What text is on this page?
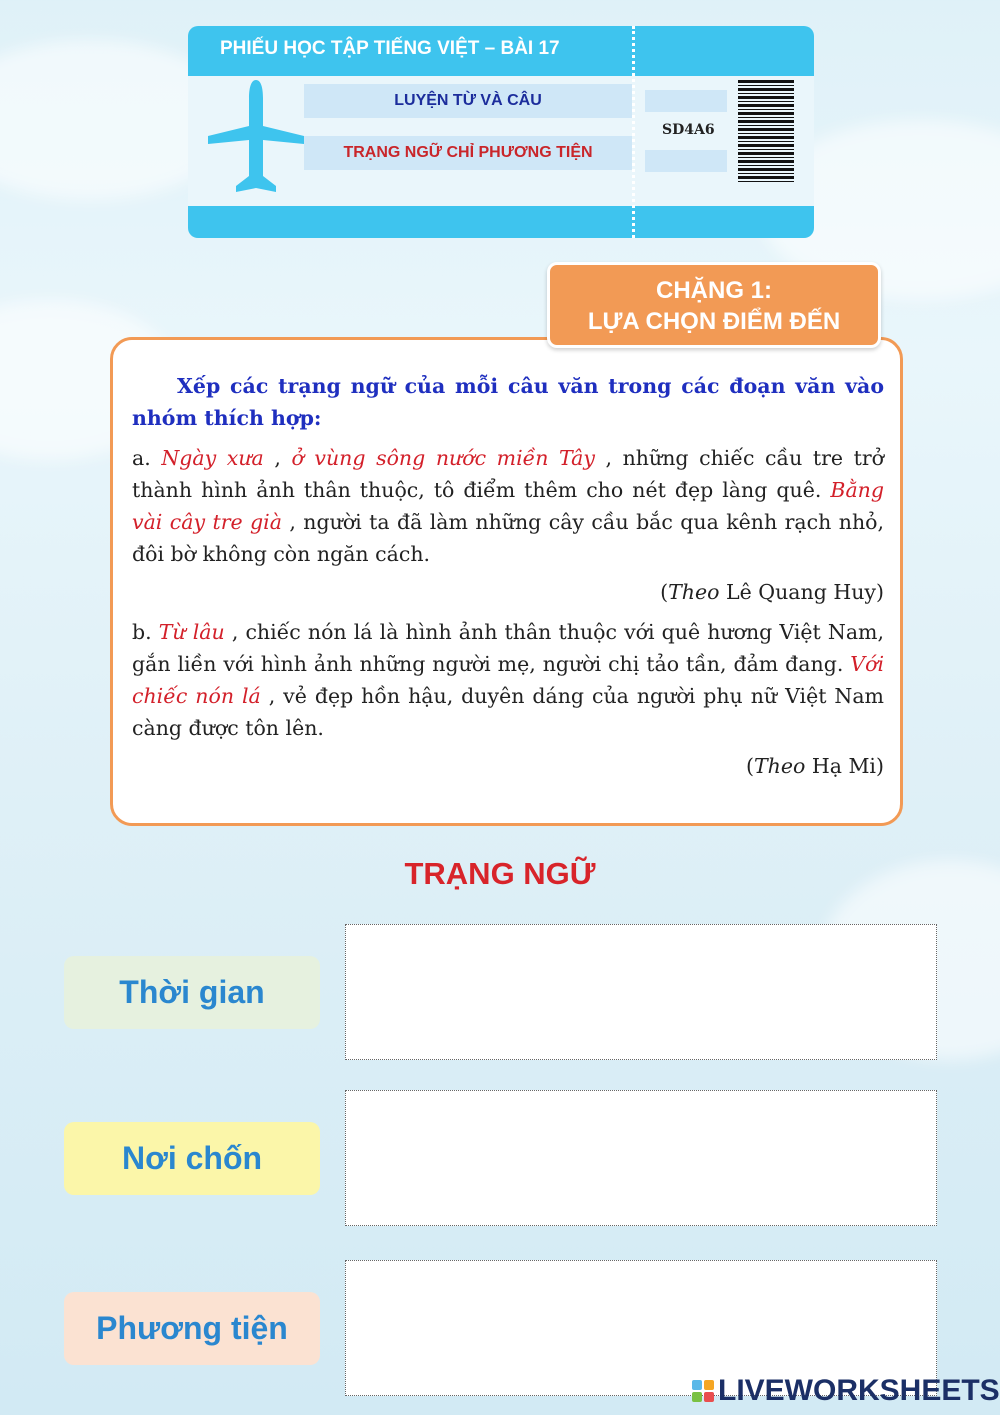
PHIẾU HỌC TẬP TIẾNG VIỆT – BÀI 17
LUYỆN TỪ VÀ CÂU
TRẠNG NGỮ CHỈ PHƯƠNG TIỆN
SD4A6

Xếp các trạng ngữ của mỗi câu văn trong các đoạn văn vào nhóm thích hợp:

a. Ngày xưa , ở vùng sông nước miền Tây , những chiếc cầu tre trở thành hình ảnh thân thuộc, tô điểm thêm cho nét đẹp làng quê. Bằng vài cây tre già , người ta đã làm những cây cầu bắc qua kênh rạch nhỏ, đôi bờ không còn ngăn cách.

(Theo Lê Quang Huy)

b. Từ lâu , chiếc nón lá là hình ảnh thân thuộc với quê hương Việt Nam, gắn liền với hình ảnh những người mẹ, người chị tảo tần, đảm đang. Với chiếc nón lá , vẻ đẹp hồn hậu, duyên dáng của người phụ nữ Việt Nam càng được tôn lên.

(Theo Hạ Mi)

CHẶNG 1:
LỰA CHỌN ĐIỂM ĐẾN
TRẠNG NGỮ
Thời gian
Nơi chốn
Phương tiện
LIVEWORKSHEETS
